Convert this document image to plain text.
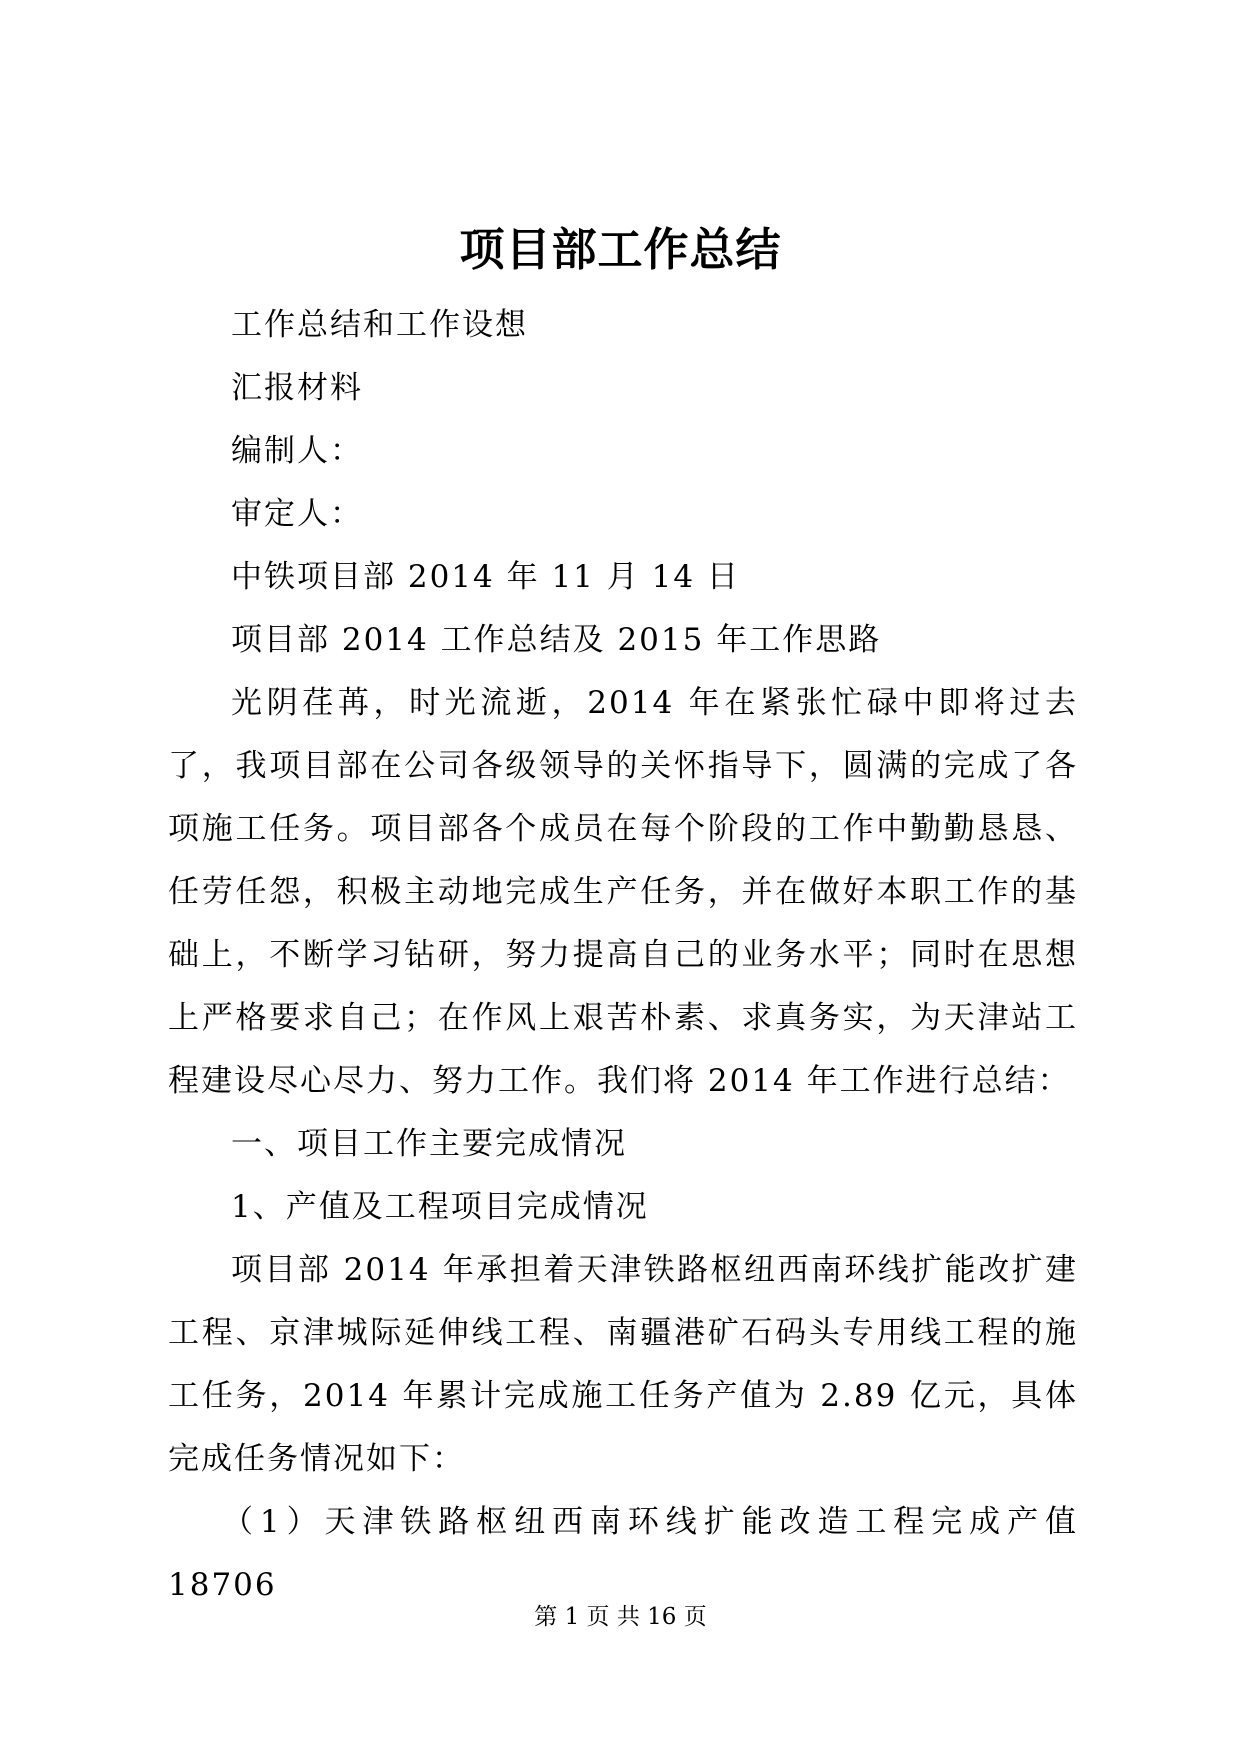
项目部工作总结

工作总结和工作设想

汇报材料

编制人：

审定人：

中铁项目部 2014 年 11 月 14 日

项目部 2014 工作总结及 2015 年工作思路

光阴荏苒，时光流逝，2014 年在紧张忙碌中即将过去了，我项目部在公司各级领导的关怀指导下，圆满的完成了各项施工任务。项目部各个成员在每个阶段的工作中勤勤恳恳、任劳任怨，积极主动地完成生产任务，并在做好本职工作的基础上，不断学习钻研，努力提高自己的业务水平；同时在思想上严格要求自己；在作风上艰苦朴素、求真务实，为天津站工程建设尽心尽力、努力工作。我们将 2014 年工作进行总结：

一、项目工作主要完成情况

1、产值及工程项目完成情况

项目部 2014 年承担着天津铁路枢纽西南环线扩能改扩建工程、京津城际延伸线工程、南疆港矿石码头专用线工程的施工任务，2014 年累计完成施工任务产值为 2.89 亿元，具体完成任务情况如下：

（1）天津铁路枢纽西南环线扩能改造工程完成产值 18706

第 1 页 共 16 页
